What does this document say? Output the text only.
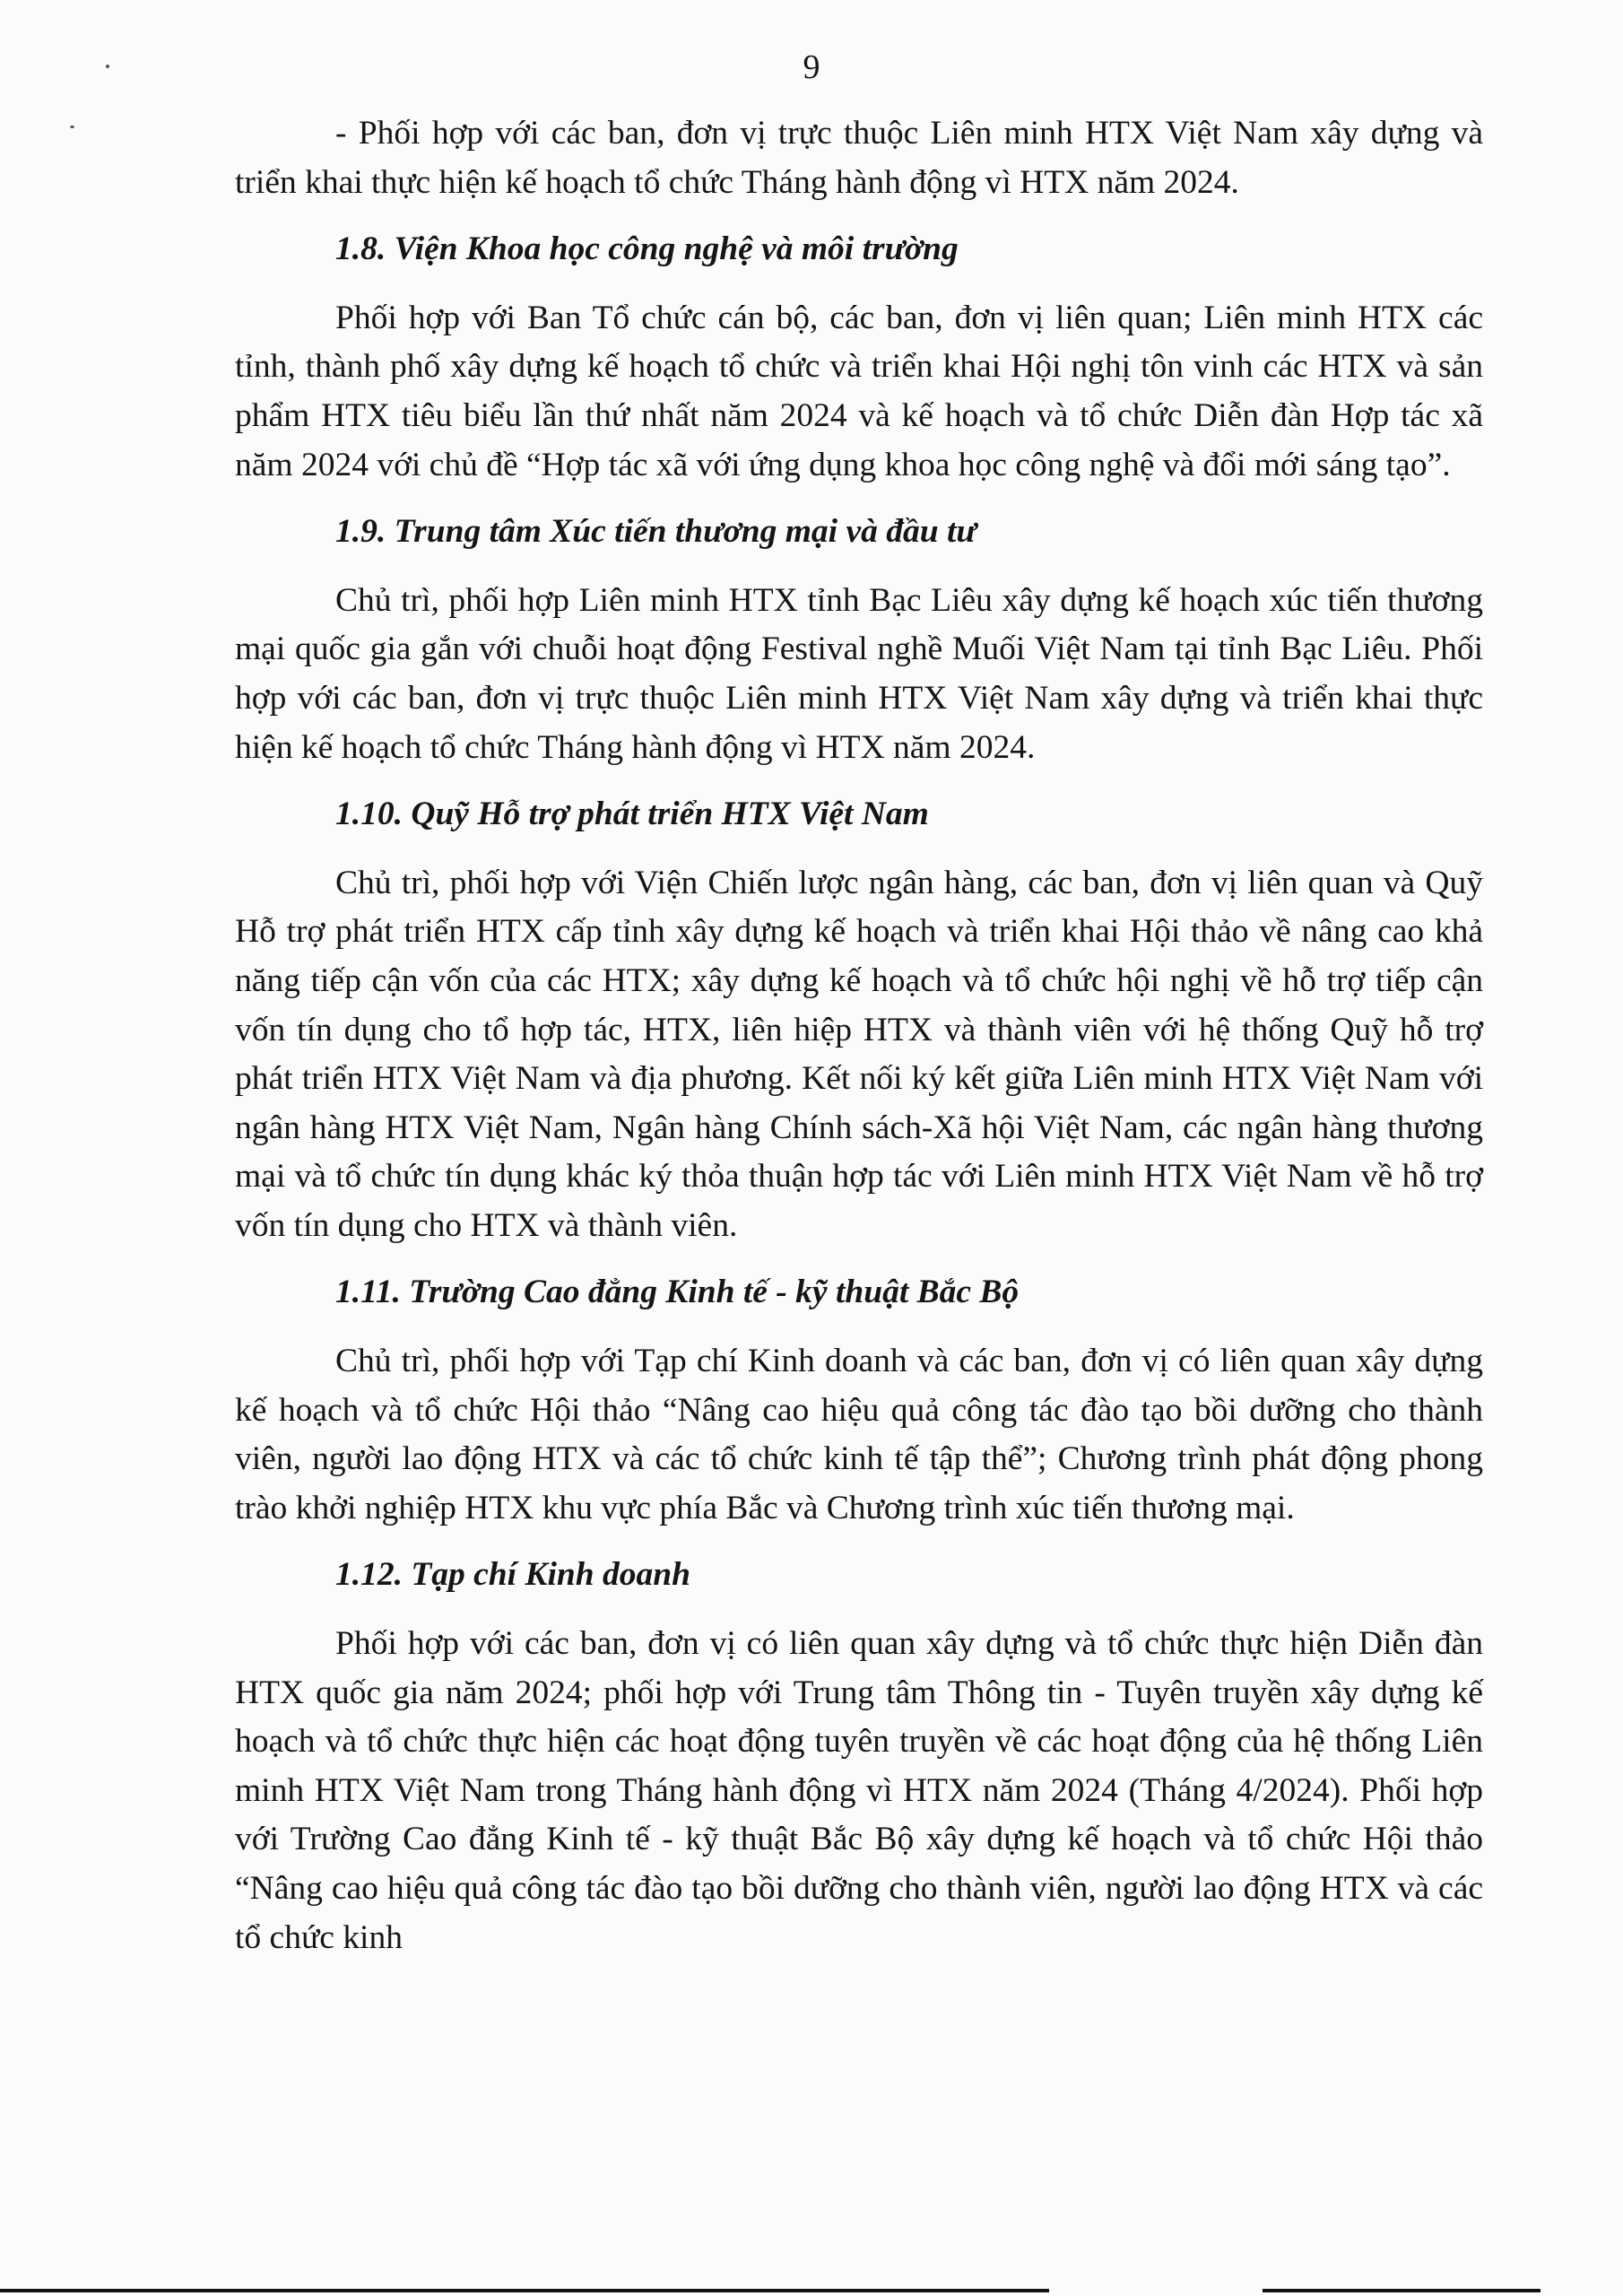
9

- Phối hợp với các ban, đơn vị trực thuộc Liên minh HTX Việt Nam xây dựng và triển khai thực hiện kế hoạch tổ chức Tháng hành động vì HTX năm 2024.

1.8. Viện Khoa học công nghệ và môi trường

Phối hợp với Ban Tổ chức cán bộ, các ban, đơn vị liên quan; Liên minh HTX các tỉnh, thành phố xây dựng kế hoạch tổ chức và triển khai Hội nghị tôn vinh các HTX và sản phẩm HTX tiêu biểu lần thứ nhất năm 2024 và kế hoạch và tổ chức Diễn đàn Hợp tác xã năm 2024 với chủ đề “Hợp tác xã với ứng dụng khoa học công nghệ và đổi mới sáng tạo”.

1.9. Trung tâm Xúc tiến thương mại và đầu tư

Chủ trì, phối hợp Liên minh HTX tỉnh Bạc Liêu xây dựng kế hoạch xúc tiến thương mại quốc gia gắn với chuỗi hoạt động Festival nghề Muối Việt Nam tại tỉnh Bạc Liêu. Phối hợp với các ban, đơn vị trực thuộc Liên minh HTX Việt Nam xây dựng và triển khai thực hiện kế hoạch tổ chức Tháng hành động vì HTX năm 2024.

1.10. Quỹ Hỗ trợ phát triển HTX Việt Nam

Chủ trì, phối hợp với Viện Chiến lược ngân hàng, các ban, đơn vị liên quan và Quỹ Hỗ trợ phát triển HTX cấp tỉnh xây dựng kế hoạch và triển khai Hội thảo về nâng cao khả năng tiếp cận vốn của các HTX; xây dựng kế hoạch và tổ chức hội nghị về hỗ trợ tiếp cận vốn tín dụng cho tổ hợp tác, HTX, liên hiệp HTX và thành viên với hệ thống Quỹ hỗ trợ phát triển HTX Việt Nam và địa phương. Kết nối ký kết giữa Liên minh HTX Việt Nam với ngân hàng HTX Việt Nam, Ngân hàng Chính sách-Xã hội Việt Nam, các ngân hàng thương mại và tổ chức tín dụng khác ký thỏa thuận hợp tác với Liên minh HTX Việt Nam về hỗ trợ vốn tín dụng cho HTX và thành viên.

1.11. Trường Cao đẳng Kinh tế - kỹ thuật Bắc Bộ

Chủ trì, phối hợp với Tạp chí Kinh doanh và các ban, đơn vị có liên quan xây dựng kế hoạch và tổ chức Hội thảo “Nâng cao hiệu quả công tác đào tạo bồi dưỡng cho thành viên, người lao động HTX và các tổ chức kinh tế tập thể”; Chương trình phát động phong trào khởi nghiệp HTX khu vực phía Bắc và Chương trình xúc tiến thương mại.

1.12. Tạp chí Kinh doanh

Phối hợp với các ban, đơn vị có liên quan xây dựng và tổ chức thực hiện Diễn đàn HTX quốc gia năm 2024; phối hợp với Trung tâm Thông tin - Tuyên truyền xây dựng kế hoạch và tổ chức thực hiện các hoạt động tuyên truyền về các hoạt động của hệ thống Liên minh HTX Việt Nam trong Tháng hành động vì HTX năm 2024 (Tháng 4/2024). Phối hợp với Trường Cao đẳng Kinh tế - kỹ thuật Bắc Bộ xây dựng kế hoạch và tổ chức Hội thảo “Nâng cao hiệu quả công tác đào tạo bồi dưỡng cho thành viên, người lao động HTX và các tổ chức kinh
